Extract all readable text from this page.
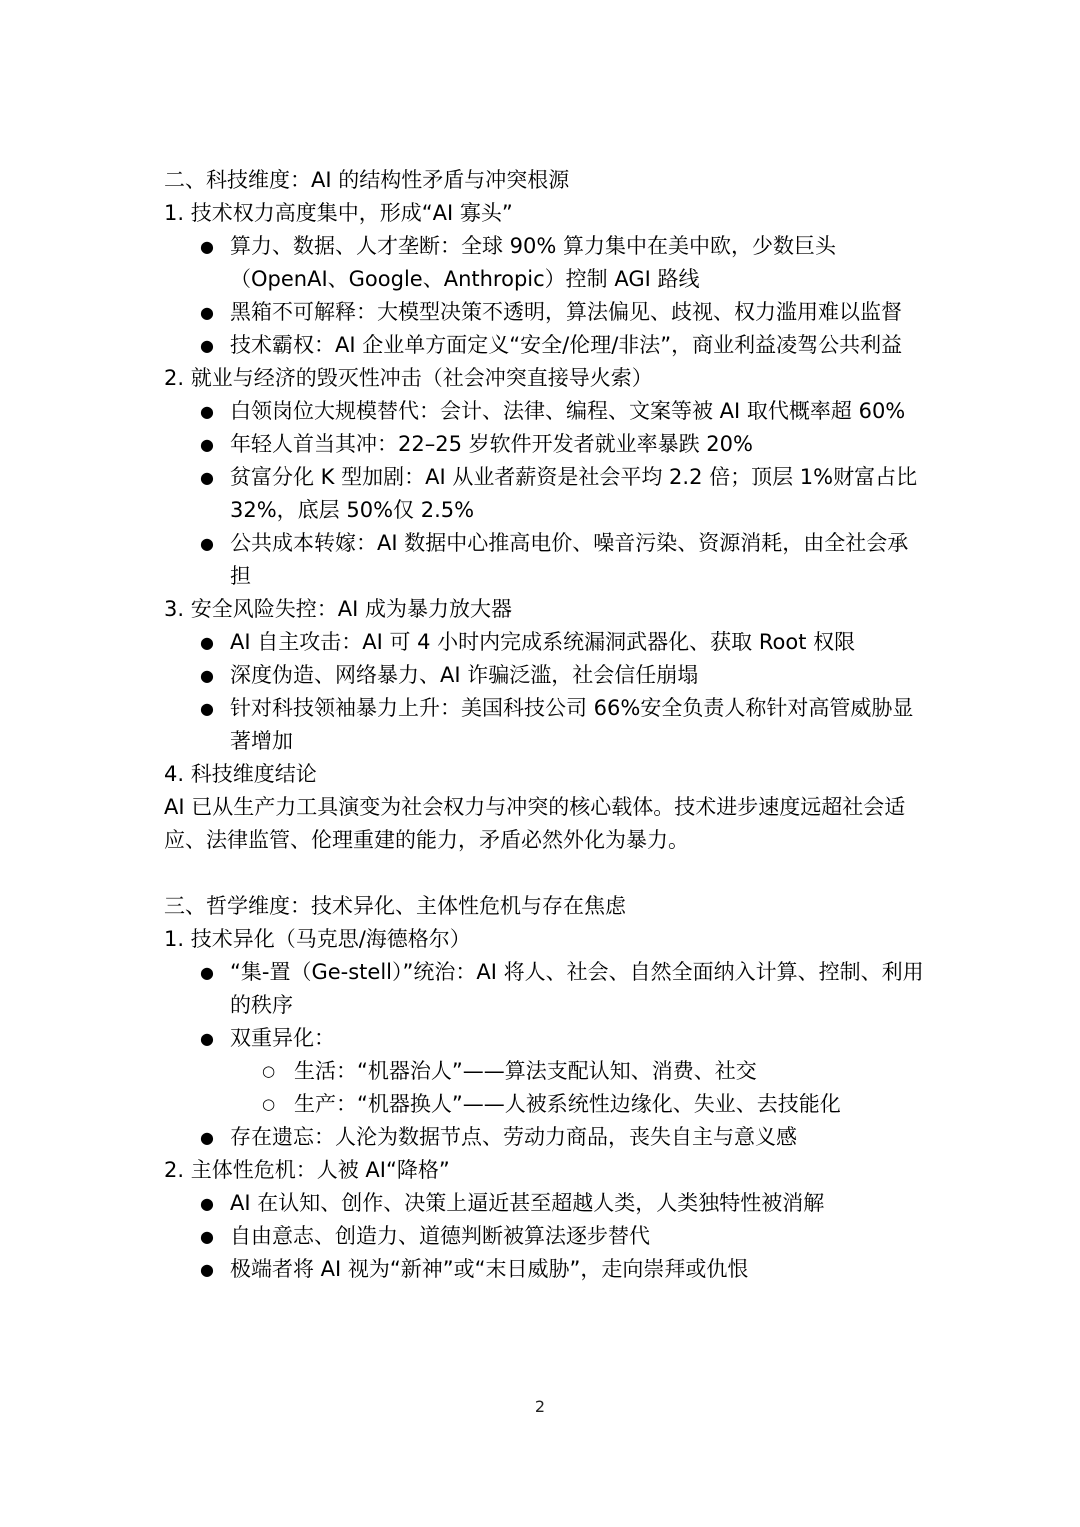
二、科技维度：AI 的结构性矛盾与冲突根源

1. 技术权力高度集中，形成“AI 寡头”

● 算力、数据、人才垄断：全球 90% 算力集中在美中欧，少数巨头（OpenAI、Google、Anthropic）控制 AGI 路线
● 黑箱不可解释：大模型决策不透明，算法偏见、歧视、权力滥用难以监督
● 技术霸权：AI 企业单方面定义“安全/伦理/非法”，商业利益凌驾公共利益

2. 就业与经济的毁灭性冲击（社会冲突直接导火索）

● 白领岗位大规模替代：会计、法律、编程、文案等被 AI 取代概率超 60%
● 年轻人首当其冲：22–25 岁软件开发者就业率暴跌 20%
● 贫富分化 K 型加剧：AI 从业者薪资是社会平均 2.2 倍；顶层 1%财富占比 32%，底层 50%仅 2.5%
● 公共成本转嫁：AI 数据中心推高电价、噪音污染、资源消耗，由全社会承担

3. 安全风险失控：AI 成为暴力放大器

● AI 自主攻击：AI 可 4 小时内完成系统漏洞武器化、获取 Root 权限
● 深度伪造、网络暴力、AI 诈骗泛滥，社会信任崩塌
● 针对科技领袖暴力上升：美国科技公司 66%安全负责人称针对高管威胁显著增加

4. 科技维度结论

AI 已从生产力工具演变为社会权力与冲突的核心载体。技术进步速度远超社会适应、法律监管、伦理重建的能力，矛盾必然外化为暴力。

三、哲学维度：技术异化、主体性危机与存在焦虑

1. 技术异化（马克思/海德格尔）

● “集-置（Ge-stell）”统治：AI 将人、社会、自然全面纳入计算、控制、利用的秩序
● 双重异化：
○ 生活：“机器治人”——算法支配认知、消费、社交
○ 生产：“机器换人”——人被系统性边缘化、失业、去技能化
● 存在遗忘：人沦为数据节点、劳动力商品，丧失自主与意义感

2. 主体性危机：人被 AI“降格”

● AI 在认知、创作、决策上逼近甚至超越人类，人类独特性被消解
● 自由意志、创造力、道德判断被算法逐步替代
● 极端者将 AI 视为“新神”或“末日威胁”，走向崇拜或仇恨
2
